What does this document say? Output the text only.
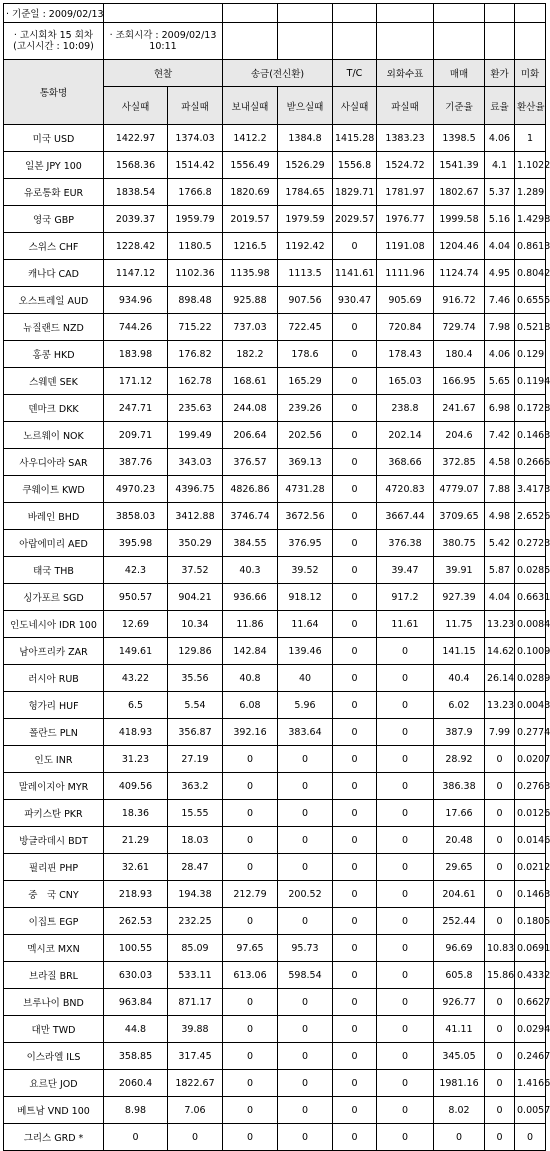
· 기준일 : 2009/02/13									
· 고시회차 15 회차 (고시시간 : 10:09)	· 조회시각 : 2009/02/13 10:11								
통화명	현찰		송금(전신환)		T/C	외화수표	매매	환가	미화
	사실때	파실때	보내실때	받으실때	사실때	파실때	기준율	료율	환산율
미국 USD	1422.97	1374.03	1412.2	1384.8	1415.28	1383.23	1398.5	4.06	1
일본 JPY 100	1568.36	1514.42	1556.49	1526.29	1556.8	1524.72	1541.39	4.1	1.1022
유로통화 EUR	1838.54	1766.8	1820.69	1784.65	1829.71	1781.97	1802.67	5.37	1.289
영국 GBP	2039.37	1959.79	2019.57	1979.59	2029.57	1976.77	1999.58	5.16	1.4298
스위스 CHF	1228.42	1180.5	1216.5	1192.42	0	1191.08	1204.46	4.04	0.8613
캐나다 CAD	1147.12	1102.36	1135.98	1113.5	1141.61	1111.96	1124.74	4.95	0.8042
오스트레일 AUD	934.96	898.48	925.88	907.56	930.47	905.69	916.72	7.46	0.6555
뉴질랜드 NZD	744.26	715.22	737.03	722.45	0	720.84	729.74	7.98	0.5218
홍콩 HKD	183.98	176.82	182.2	178.6	0	178.43	180.4	4.06	0.129
스웨덴 SEK	171.12	162.78	168.61	165.29	0	165.03	166.95	5.65	0.1194
덴마크 DKK	247.71	235.63	244.08	239.26	0	238.8	241.67	6.98	0.1728
노르웨이 NOK	209.71	199.49	206.64	202.56	0	202.14	204.6	7.42	0.1463
사우디아라 SAR	387.76	343.03	376.57	369.13	0	368.66	372.85	4.58	0.2666
쿠웨이트 KWD	4970.23	4396.75	4826.86	4731.28	0	4720.83	4779.07	7.88	3.4173
바레인 BHD	3858.03	3412.88	3746.74	3672.56	0	3667.44	3709.65	4.98	2.6526
아랍에미리 AED	395.98	350.29	384.55	376.95	0	376.38	380.75	5.42	0.2723
태국 THB	42.3	37.52	40.3	39.52	0	39.47	39.91	5.87	0.0285
싱가포르 SGD	950.57	904.21	936.66	918.12	0	917.2	927.39	4.04	0.6631
인도네시아 IDR 100	12.69	10.34	11.86	11.64	0	11.61	11.75	13.23	0.0084
남아프리카 ZAR	149.61	129.86	142.84	139.46	0	0	141.15	14.62	0.1009
러시아 RUB	43.22	35.56	40.8	40	0	0	40.4	26.14	0.0289
헝가리 HUF	6.5	5.54	6.08	5.96	0	0	6.02	13.23	0.0043
폴란드 PLN	418.93	356.87	392.16	383.64	0	0	387.9	7.99	0.2774
인도 INR	31.23	27.19	0	0	0	0	28.92	0	0.0207
말레이지아 MYR	409.56	363.2	0	0	0	0	386.38	0	0.2763
파키스탄 PKR	18.36	15.55	0	0	0	0	17.66	0	0.0126
방글라데시 BDT	21.29	18.03	0	0	0	0	20.48	0	0.0146
필리핀 PHP	32.61	28.47	0	0	0	0	29.65	0	0.0212
중　국 CNY	218.93	194.38	212.79	200.52	0	0	204.61	0	0.1463
이집트 EGP	262.53	232.25	0	0	0	0	252.44	0	0.1805
멕시코 MXN	100.55	85.09	97.65	95.73	0	0	96.69	10.83	0.0691
브라질 BRL	630.03	533.11	613.06	598.54	0	0	605.8	15.86	0.4332
브루나이 BND	963.84	871.17	0	0	0	0	926.77	0	0.6627
대만 TWD	44.8	39.88	0	0	0	0	41.11	0	0.0294
이스라엘 ILS	358.85	317.45	0	0	0	0	345.05	0	0.2467
요르단 JOD	2060.4	1822.67	0	0	0	0	1981.16	0	1.4166
베트남 VND 100	8.98	7.06	0	0	0	0	8.02	0	0.0057
그리스 GRD *	0	0	0	0	0	0	0	0	0
